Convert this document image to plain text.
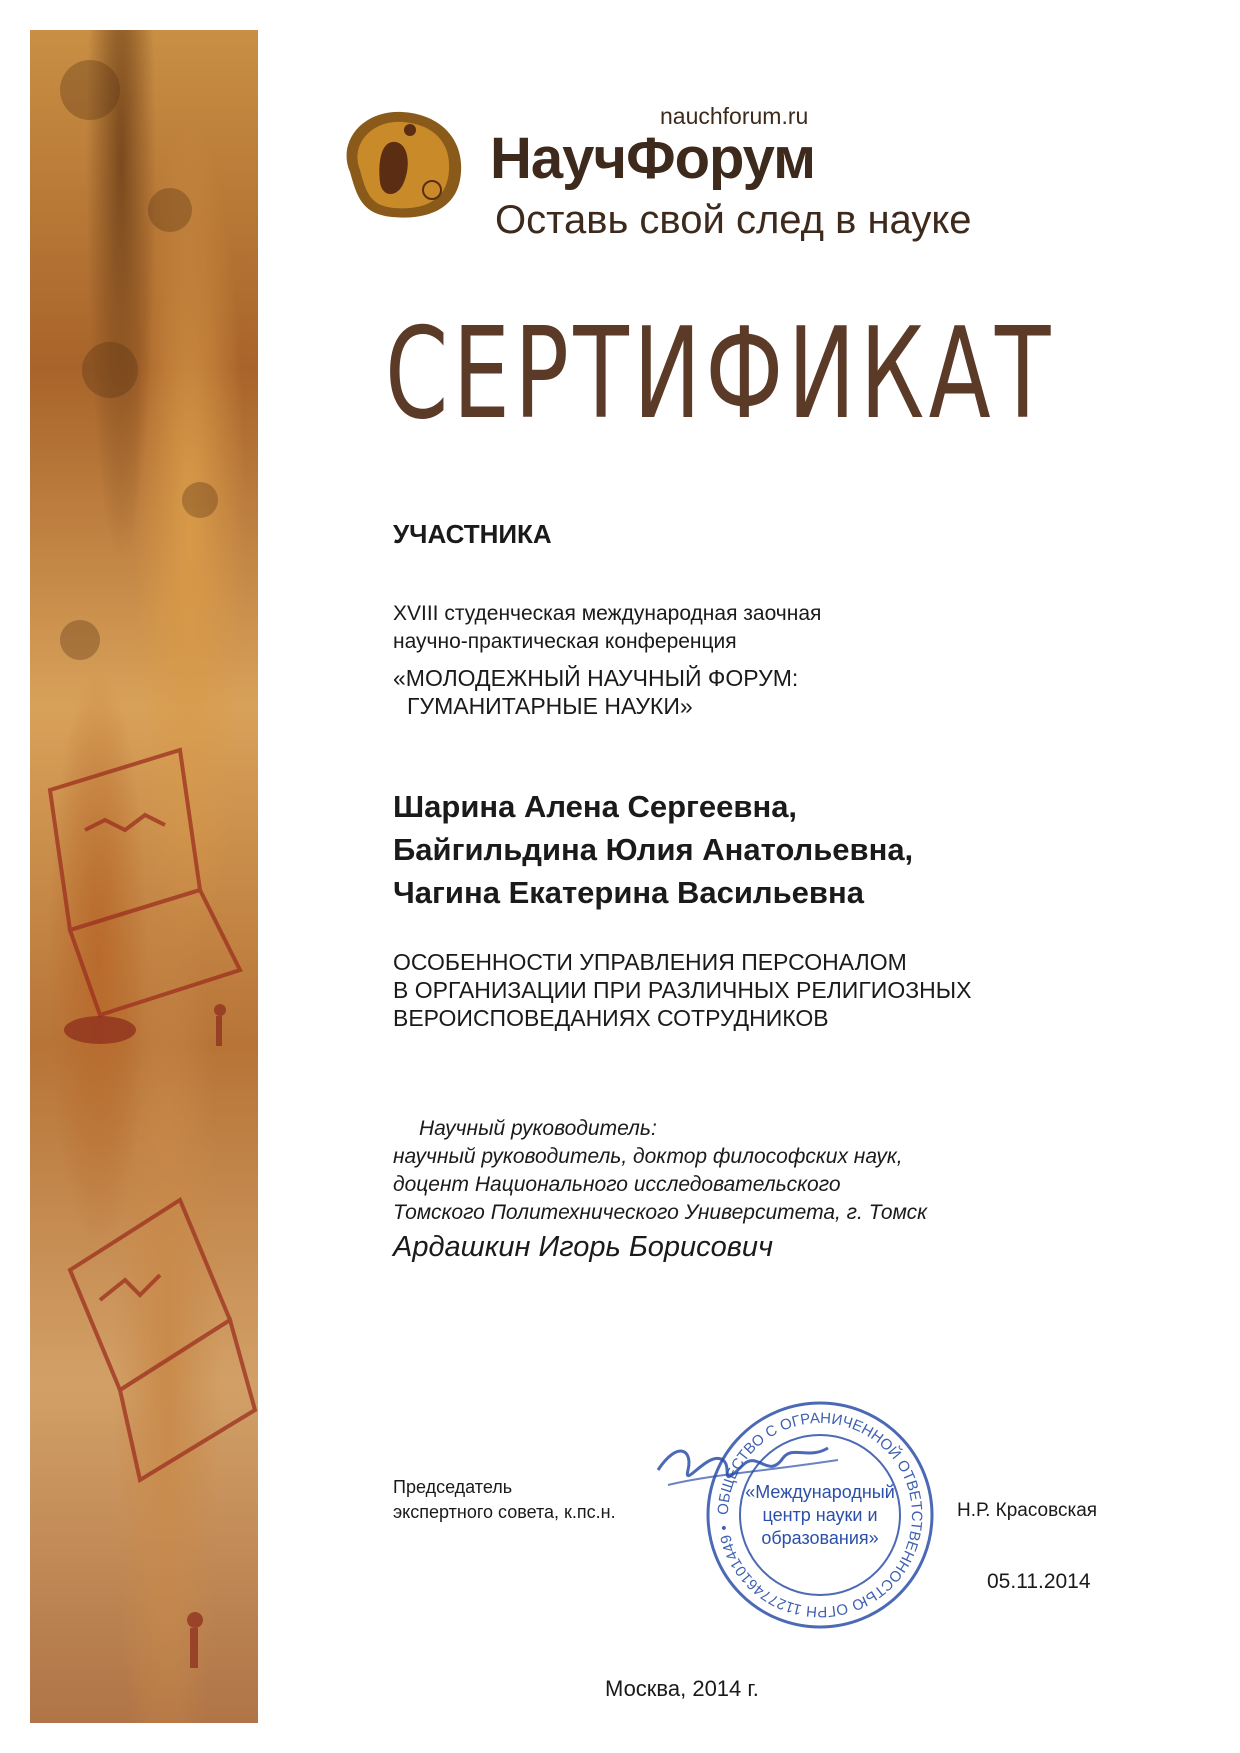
nauchforum.ru
НаучФорум
Оставь свой след в науке
СЕРТИФИКАТ
УЧАСТНИКА
XVIII студенческая международная заочная
научно-практическая конференция
«МОЛОДЕЖНЫЙ НАУЧНЫЙ ФОРУМ:
ГУМАНИТАРНЫЕ НАУКИ»
Шарина Алена Сергеевна,
Байгильдина Юлия Анатольевна,
Чагина Екатерина Васильевна
ОСОБЕННОСТИ УПРАВЛЕНИЯ ПЕРСОНАЛОМ
В ОРГАНИЗАЦИИ ПРИ РАЗЛИЧНЫХ РЕЛИГИОЗНЫХ
ВЕРОИСПОВЕДАНИЯХ СОТРУДНИКОВ
Научный руководитель:
научный руководитель, доктор философских наук,
доцент Национального исследовательского
Томского Политехнического Университета, г. Томск
Ардашкин Игорь Борисович
Председатель
экспертного совета, к.пс.н.	Н.Р. Красовская
ОБЩЕСТВО С ОГРАНИЧЕННОЙ ОТВЕТСТВЕННОСТЬЮ ОГРН 1127746101449 •
«Международный
центр науки и
образования»
05.11.2014
Москва, 2014 г.
